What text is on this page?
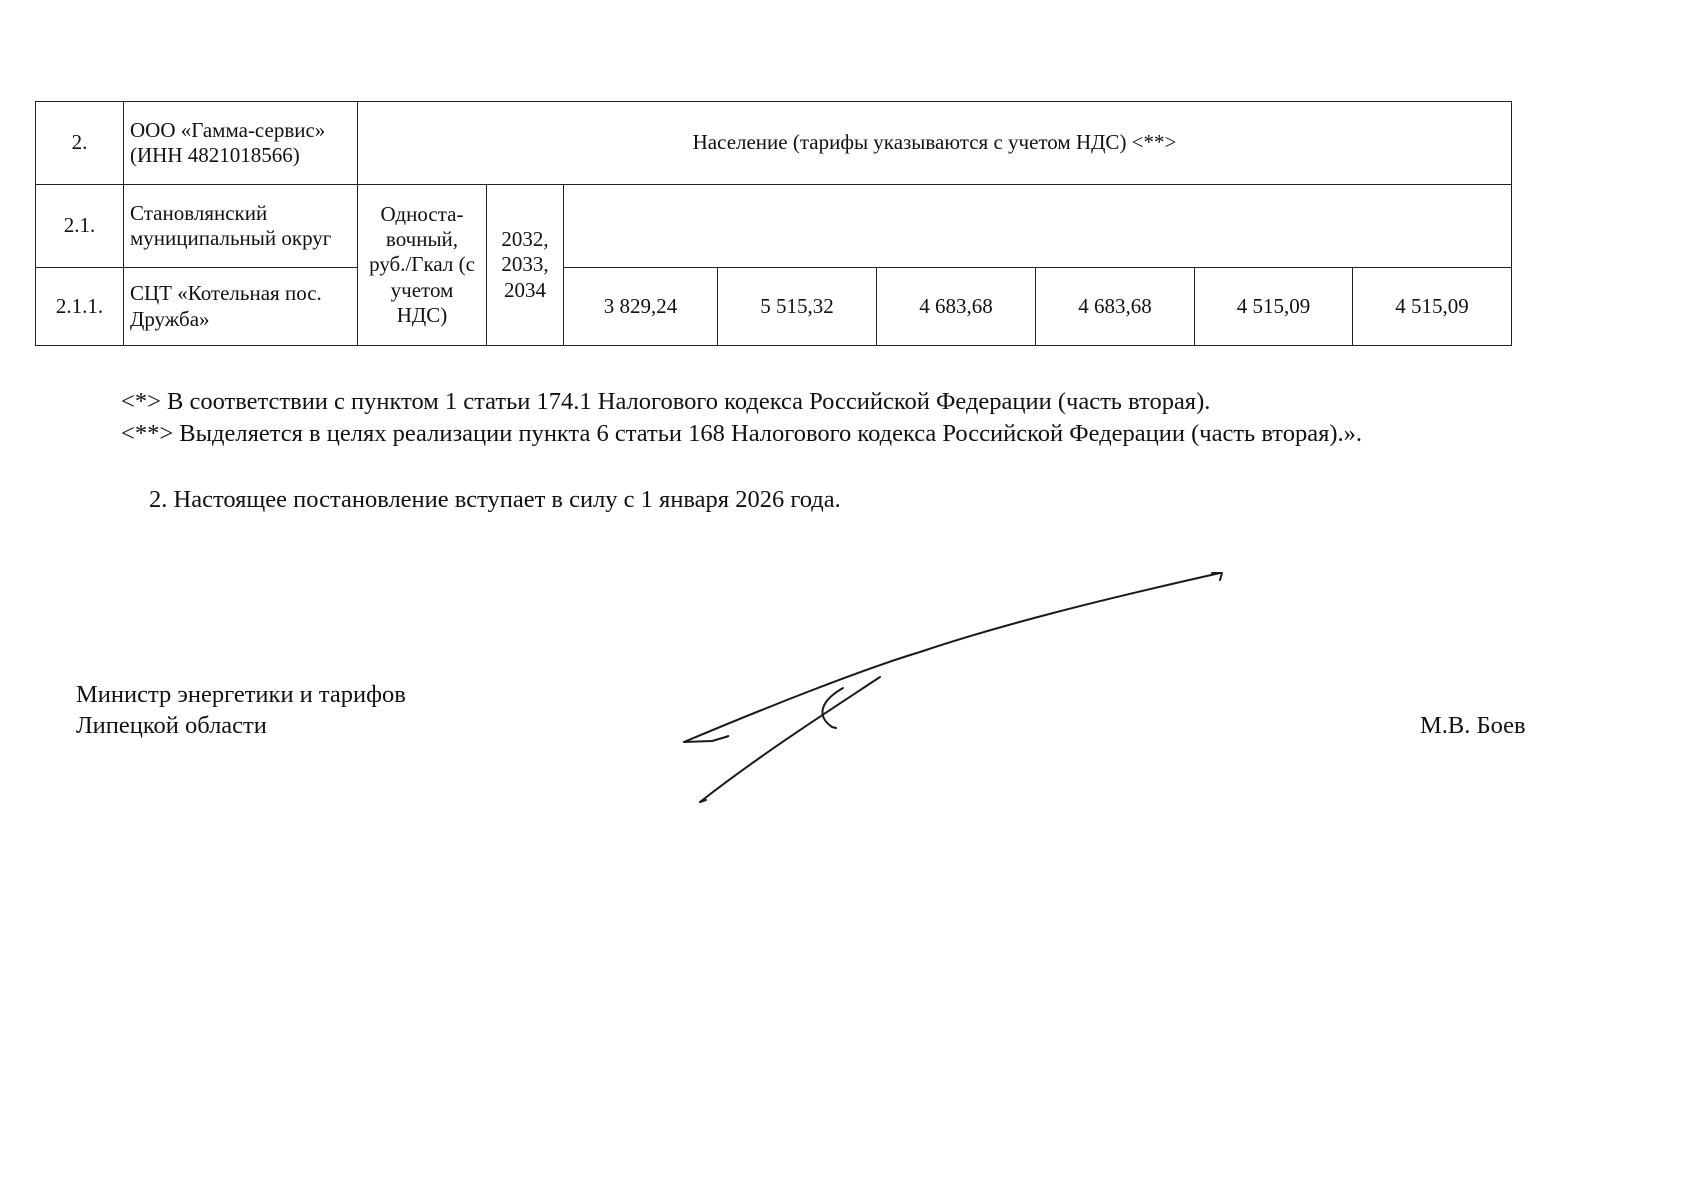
2.	ООО «Гамма-сервис» (ИНН 4821018566)	Население (тарифы указываются с учетом НДС) <**>							
2.1.	Становлянский муниципальный округ	Односта-вочный, руб./Гкал (с учетом НДС)	2032, 2033, 2034						
2.1.1.	СЦТ «Котельная пос. Дружба»			3 829,24	5 515,32	4 683,68	4 683,68	4 515,09	4 515,09
<*> В соответствии с пунктом 1 статьи 174.1 Налогового кодекса Российской Федерации (часть вторая).
<**> Выделяется в целях реализации пункта 6 статьи 168 Налогового кодекса Российской Федерации (часть вторая).».
2. Настоящее постановление вступает в силу с 1 января 2026 года.
Министр энергетики и тарифов
Липецкой области	М.В. Боев
